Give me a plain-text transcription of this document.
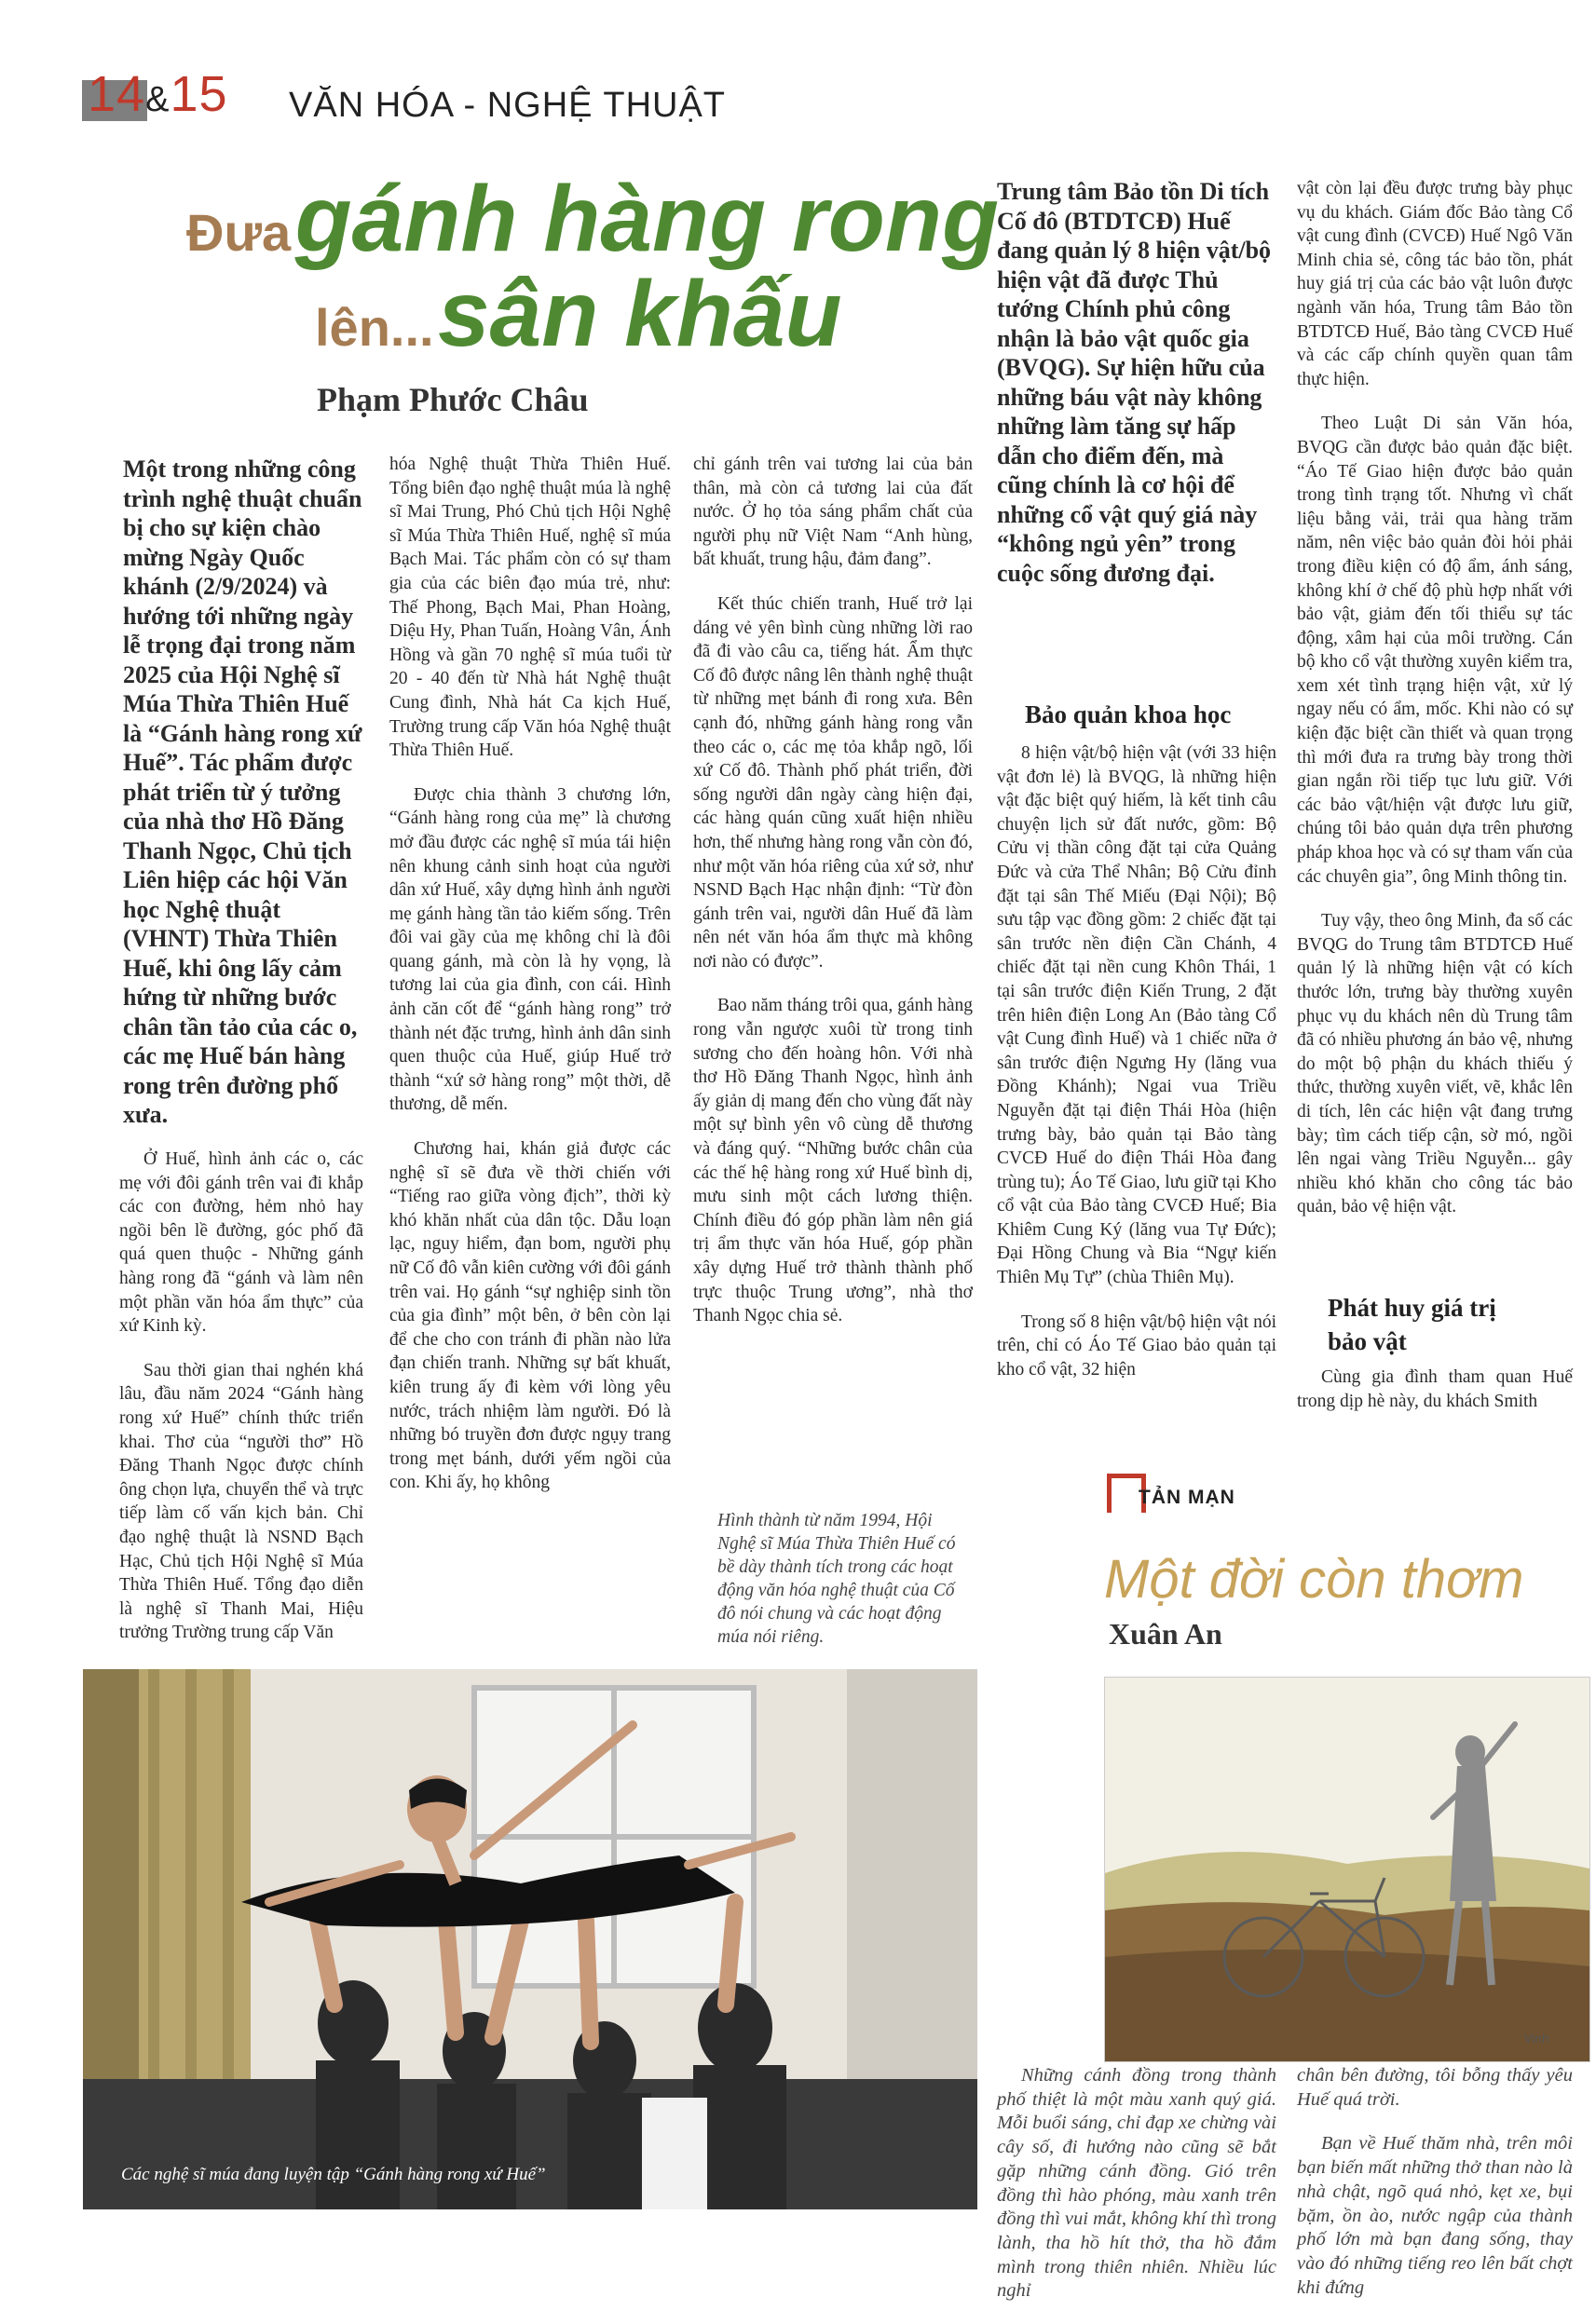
14&15 VĂN HÓA - NGHỆ THUẬT
Đưa gánh hàng rong
lên... sân khấu
Phạm Phước Châu
Một trong những công trình nghệ thuật chuẩn bị cho sự kiện chào mừng Ngày Quốc khánh (2/9/2024) và hướng tới những ngày lễ trọng đại trong năm 2025 của Hội Nghệ sĩ Múa Thừa Thiên Huế là “Gánh hàng rong xứ Huế”. Tác phẩm được phát triển từ ý tưởng của nhà thơ Hồ Đăng Thanh Ngọc, Chủ tịch Liên hiệp các hội Văn học Nghệ thuật (VHNT) Thừa Thiên Huế, khi ông lấy cảm hứng từ những bước chân tần tảo của các o, các mẹ Huế bán hàng rong trên đường phố xưa.

Ở Huế, hình ảnh các o, các mẹ với đôi gánh trên vai đi khắp các con đường, hẻm nhỏ hay ngồi bên lề đường, góc phố đã quá quen thuộc - Những gánh hàng rong đã “gánh và làm nên một phần văn hóa ẩm thực” của xứ Kinh kỳ.

Sau thời gian thai nghén khá lâu, đầu năm 2024 “Gánh hàng rong xứ Huế” chính thức triển khai. Thơ của “người thơ” Hồ Đăng Thanh Ngọc được chính ông chọn lựa, chuyển thể và trực tiếp làm cố vấn kịch bản. Chỉ đạo nghệ thuật là NSND Bạch Hạc, Chủ tịch Hội Nghệ sĩ Múa Thừa Thiên Huế. Tổng đạo diễn là nghệ sĩ Thanh Mai, Hiệu trưởng Trường trung cấp Văn

hóa Nghệ thuật Thừa Thiên Huế. Tổng biên đạo nghệ thuật múa là nghệ sĩ Mai Trung, Phó Chủ tịch Hội Nghệ sĩ Múa Thừa Thiên Huế, nghệ sĩ múa Bạch Mai. Tác phẩm còn có sự tham gia của các biên đạo múa trẻ, như: Thế Phong, Bạch Mai, Phan Hoàng, Diệu Hy, Phan Tuấn, Hoàng Vân, Ánh Hồng và gần 70 nghệ sĩ múa tuổi từ 20 - 40 đến từ Nhà hát Nghệ thuật Cung đình, Nhà hát Ca kịch Huế, Trường trung cấp Văn hóa Nghệ thuật Thừa Thiên Huế.

Được chia thành 3 chương lớn, “Gánh hàng rong của mẹ” là chương mở đầu được các nghệ sĩ múa tái hiện nên khung cảnh sinh hoạt của người dân xứ Huế, xây dựng hình ảnh người mẹ gánh hàng tần tảo kiếm sống. Trên đôi vai gầy của mẹ không chỉ là đôi quang gánh, mà còn là hy vọng, là tương lai của gia đình, con cái. Hình ảnh căn cốt để “gánh hàng rong” trở thành nét đặc trưng, hình ảnh dân sinh quen thuộc của Huế, giúp Huế trở thành “xứ sở hàng rong” một thời, dễ thương, dễ mến.

Chương hai, khán giả được các nghệ sĩ sẽ đưa về thời chiến với “Tiếng rao giữa vòng địch”, thời kỳ khó khăn nhất của dân tộc. Dẫu loạn lạc, nguy hiểm, đạn bom, người phụ nữ Cố đô vẫn kiên cường với đôi gánh trên vai. Họ gánh “sự nghiệp sinh tồn của gia đình” một bên, ở bên còn lại để che cho con tránh đi phần nào lửa đạn chiến tranh. Những sự bất khuất, kiên trung ấy đi kèm với lòng yêu nước, trách nhiệm làm người. Đó là những bó truyền đơn được ngụy trang trong mẹt bánh, dưới yếm ngồi của con. Khi ấy, họ không

chỉ gánh trên vai tương lai của bản thân, mà còn cả tương lai của đất nước. Ở họ tỏa sáng phẩm chất của người phụ nữ Việt Nam “Anh hùng, bất khuất, trung hậu, đảm đang”.

Kết thúc chiến tranh, Huế trở lại dáng vẻ yên bình cùng những lời rao đã đi vào câu ca, tiếng hát. Ẩm thực Cố đô được nâng lên thành nghệ thuật từ những mẹt bánh đi rong xưa. Bên cạnh đó, những gánh hàng rong vẫn theo các o, các mẹ tỏa khắp ngõ, lối xứ Cố đô. Thành phố phát triển, đời sống người dân ngày càng hiện đại, các hàng quán cũng xuất hiện nhiều hơn, thế nhưng hàng rong vẫn còn đó, như một văn hóa riêng của xứ sở, như NSND Bạch Hạc nhận định: “Từ đòn gánh trên vai, người dân Huế đã làm nên nét văn hóa ẩm thực mà không nơi nào có được”.

Bao năm tháng trôi qua, gánh hàng rong vẫn ngược xuôi từ trong tinh sương cho đến hoàng hôn. Với nhà thơ Hồ Đăng Thanh Ngọc, hình ảnh ấy giản dị mang đến cho vùng đất này một sự bình yên vô cùng dễ thương và đáng quý. “Những bước chân của các thế hệ hàng rong xứ Huế bình dị, mưu sinh một cách lương thiện. Chính điều đó góp phần làm nên giá trị ẩm thực văn hóa Huế, góp phần xây dựng Huế trở thành thành phố trực thuộc Trung ương”, nhà thơ Thanh Ngọc chia sẻ.

Hình thành từ năm 1994, Hội Nghệ sĩ Múa Thừa Thiên Huế có bề dày thành tích trong các hoạt động văn hóa nghệ thuật của Cố đô nói chung và các hoạt động múa nói riêng.
Các nghệ sĩ múa đang luyện tập “Gánh hàng rong xứ Huế”
Trung tâm Bảo tồn Di tích Cố đô (BTDTCĐ) Huế đang quản lý 8 hiện vật/bộ hiện vật đã được Thủ tướng Chính phủ công nhận là bảo vật quốc gia (BVQG). Sự hiện hữu của những báu vật này không những làm tăng sự hấp dẫn cho điểm đến, mà cũng chính là cơ hội để những cổ vật quý giá này “không ngủ yên” trong cuộc sống đương đại.
Bảo quản khoa học

8 hiện vật/bộ hiện vật (với 33 hiện vật đơn lẻ) là BVQG, là những hiện vật đặc biệt quý hiếm, là kết tinh câu chuyện lịch sử đất nước, gồm: Bộ Cửu vị thần công đặt tại cửa Quảng Đức và cửa Thể Nhân; Bộ Cửu đỉnh đặt tại sân Thế Miếu (Đại Nội); Bộ sưu tập vạc đồng gồm: 2 chiếc đặt tại sân trước nền điện Cần Chánh, 4 chiếc đặt tại nền cung Khôn Thái, 1 tại sân trước điện Kiến Trung, 2 đặt trên hiên điện Long An (Bảo tàng Cổ vật Cung đình Huế) và 1 chiếc nữa ở sân trước điện Ngưng Hy (lăng vua Đồng Khánh); Ngai vua Triều Nguyễn đặt tại điện Thái Hòa (hiện trưng bày, bảo quản tại Bảo tàng CVCĐ Huế do điện Thái Hòa đang trùng tu); Áo Tế Giao, lưu giữ tại Kho cổ vật của Bảo tàng CVCĐ Huế; Bia Khiêm Cung Ký (lăng vua Tự Đức); Đại Hồng Chung và Bia “Ngự kiến Thiên Mụ Tự” (chùa Thiên Mụ).

Trong số 8 hiện vật/bộ hiện vật nói trên, chỉ có Áo Tế Giao bảo quản tại kho cổ vật, 32 hiện

vật còn lại đều được trưng bày phục vụ du khách. Giám đốc Bảo tàng Cổ vật cung đình (CVCĐ) Huế Ngô Văn Minh chia sẻ, công tác bảo tồn, phát huy giá trị của các bảo vật luôn được ngành văn hóa, Trung tâm Bảo tồn BTDTCĐ Huế, Bảo tàng CVCĐ Huế và các cấp chính quyền quan tâm thực hiện.

Theo Luật Di sản Văn hóa, BVQG cần được bảo quản đặc biệt. “Áo Tế Giao hiện được bảo quản trong tình trạng tốt. Nhưng vì chất liệu bằng vải, trải qua hàng trăm năm, nên việc bảo quản đòi hỏi phải trong điều kiện có độ ẩm, ánh sáng, không khí ở chế độ phù hợp nhất với bảo vật, giảm đến tối thiểu sự tác động, xâm hại của môi trường. Cán bộ kho cổ vật thường xuyên kiểm tra, xem xét tình trạng hiện vật, xử lý ngay nếu có ẩm, mốc. Khi nào có sự kiện đặc biệt cần thiết và quan trọng thì mới đưa ra trưng bày trong thời gian ngắn rồi tiếp tục lưu giữ. Với các bảo vật/hiện vật được lưu giữ, chúng tôi bảo quản dựa trên phương pháp khoa học và có sự tham vấn của các chuyên gia”, ông Minh thông tin.

Tuy vậy, theo ông Minh, đa số các BVQG do Trung tâm BTDTCĐ Huế quản lý là những hiện vật có kích thước lớn, trưng bày thường xuyên phục vụ du khách nên dù Trung tâm đã có nhiều phương án bảo vệ, nhưng do một bộ phận du khách thiếu ý thức, thường xuyên viết, vẽ, khắc lên di tích, lên các hiện vật đang trưng bày; tìm cách tiếp cận, sờ mó, ngồi lên ngai vàng Triều Nguyễn... gây nhiều khó khăn cho công tác bảo quản, bảo vệ hiện vật.

Phát huy giá trị bảo vật

Cùng gia đình tham quan Huế trong dịp hè này, du khách Smith

TẢN MẠN
Một đời còn thơm
Xuân An
Vinh

Những cánh đồng trong thành phố thiệt là một màu xanh quý giá. Mỗi buổi sáng, chỉ đạp xe chừng vài cây số, đi hướng nào cũng sẽ bắt gặp những cánh đồng. Gió trên đồng thì hào phóng, màu xanh trên đồng thì vui mắt, không khí thì trong lành, tha hồ hít thở, tha hồ đắm mình trong thiên nhiên. Nhiều lúc nghỉ

chân bên đường, tôi bỗng thấy yêu Huế quá trời.

Bạn về Huế thăm nhà, trên môi bạn biến mất những thở than nào là nhà chật, ngõ quá nhỏ, kẹt xe, bụi bặm, ồn ào, nước ngập của thành phố lớn mà bạn đang sống, thay vào đó những tiếng reo lên bất chợt khi đứng
